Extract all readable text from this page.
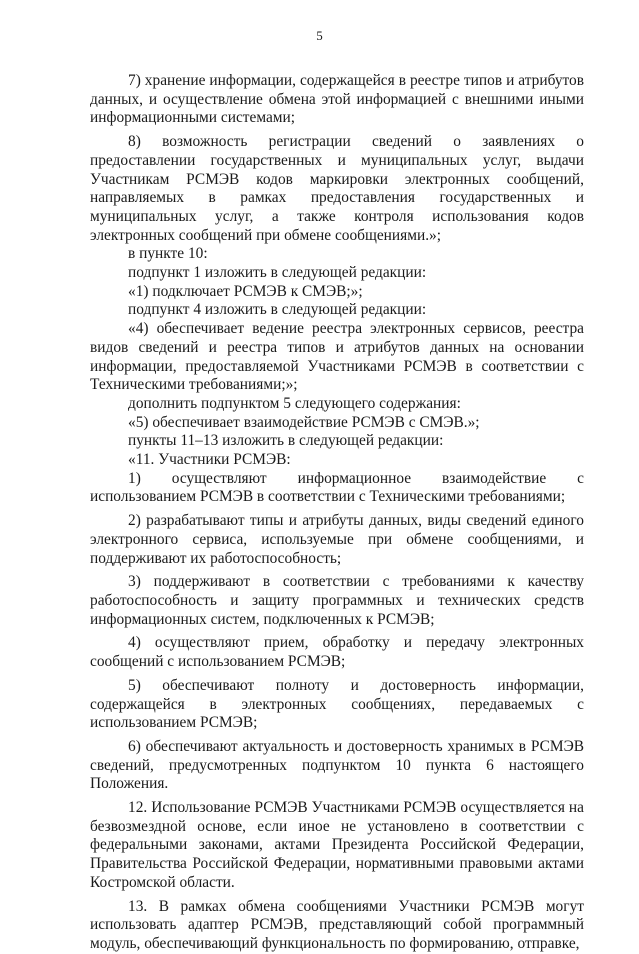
5

7) хранение информации, содержащейся в реестре типов и атрибутов данных, и осуществление обмена этой информацией с внешними иными информационными системами;

8) возможность регистрации сведений о заявлениях о предоставлении государственных и муниципальных услуг, выдачи Участникам РСМЭВ кодов маркировки электронных сообщений, направляемых в рамках предоставления государственных и муниципальных услуг, а также контроля использования кодов электронных сообщений при обмене сообщениями.»;

в пункте 10:

подпункт 1 изложить в следующей редакции:

«1) подключает РСМЭВ к СМЭВ;»;

подпункт 4 изложить в следующей редакции:

«4) обеспечивает ведение реестра электронных сервисов, реестра видов сведений и реестра типов и атрибутов данных на основании информации, предоставляемой Участниками РСМЭВ в соответствии с Техническими требованиями;»;

дополнить подпунктом 5 следующего содержания:

«5) обеспечивает взаимодействие РСМЭВ с СМЭВ.»;

пункты 11–13 изложить в следующей редакции:

«11. Участники РСМЭВ:

1) осуществляют информационное взаимодействие с использованием РСМЭВ в соответствии с Техническими требованиями;

2) разрабатывают типы и атрибуты данных, виды сведений единого электронного сервиса, используемые при обмене сообщениями, и поддерживают их работоспособность;

3) поддерживают в соответствии с требованиями к качеству работоспособность и защиту программных и технических средств информационных систем, подключенных к РСМЭВ;

4) осуществляют прием, обработку и передачу электронных сообщений с использованием РСМЭВ;

5) обеспечивают полноту и достоверность информации, содержащейся в электронных сообщениях, передаваемых с использованием РСМЭВ;

6) обеспечивают актуальность и достоверность хранимых в РСМЭВ сведений, предусмотренных подпунктом 10 пункта 6 настоящего Положения.

12. Использование РСМЭВ Участниками РСМЭВ осуществляется на безвозмездной основе, если иное не установлено в соответствии с федеральными законами, актами Президента Российской Федерации, Правительства Российской Федерации, нормативными правовыми актами Костромской области.

13. В рамках обмена сообщениями Участники РСМЭВ могут использовать адаптер РСМЭВ, представляющий собой программный модуль, обеспечивающий функциональность по формированию, отправке,
